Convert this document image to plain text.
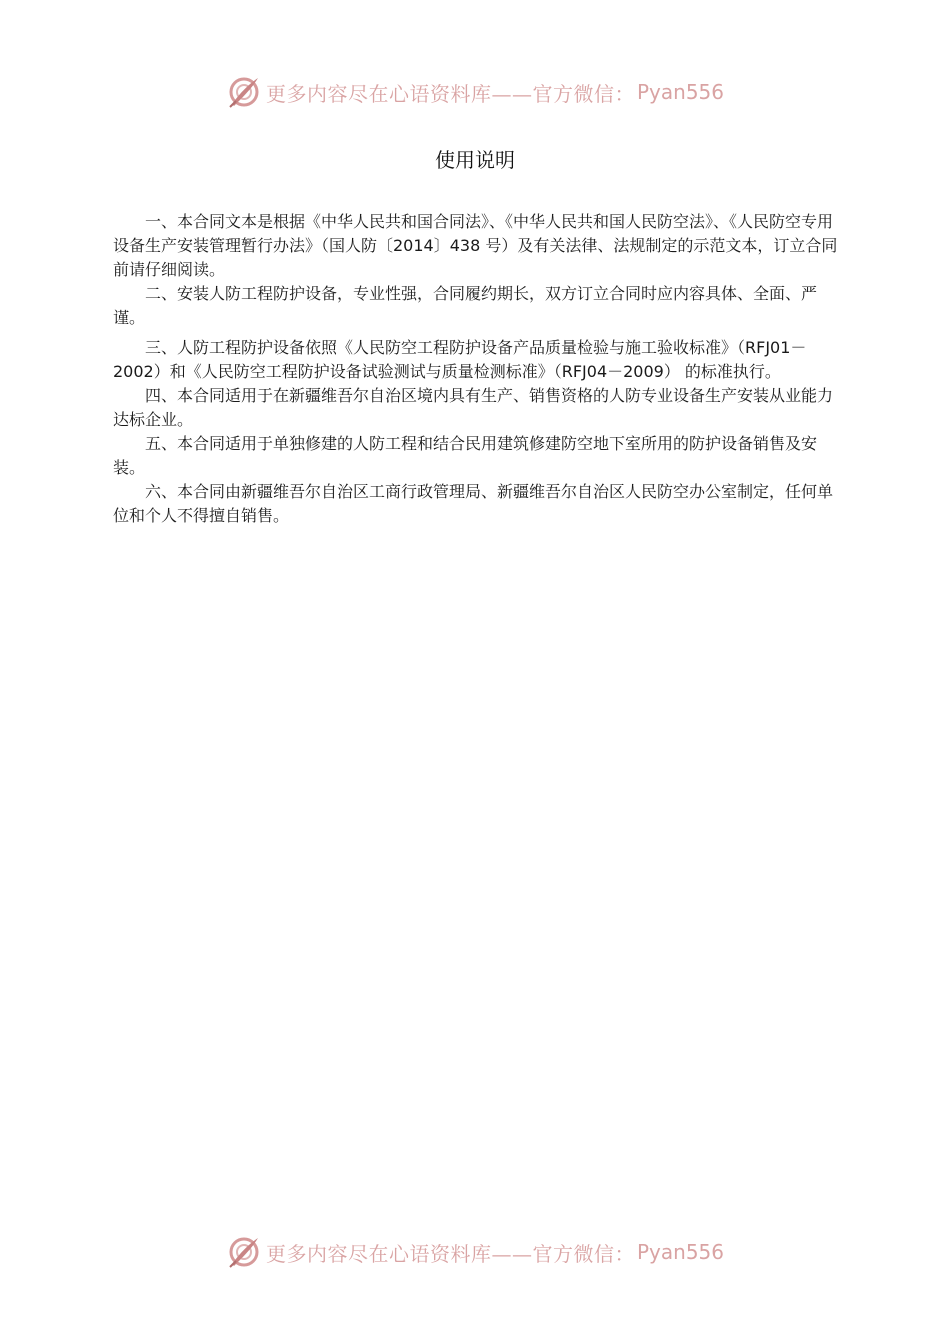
更多内容尽在心语资料库——官方微信： Pyan556
使用说明

一、本合同文本是根据《中华人民共和国合同法》、《中华人民共和国人民防空法》、《人民防空专用设备生产安装管理暂行办法》（国人防〔2014〕438 号）及有关法律、法规制定的示范文本，订立合同前请仔细阅读。

二、安装人防工程防护设备，专业性强，合同履约期长，双方订立合同时应内容具体、全面、严谨。

三、人防工程防护设备依照《人民防空工程防护设备产品质量检验与施工验收标准》（RFJ01－2002）和《人民防空工程防护设备试验测试与质量检测标准》（RFJ04－2009） 的标准执行。

四、本合同适用于在新疆维吾尔自治区境内具有生产、销售资格的人防专业设备生产安装从业能力达标企业。

五、本合同适用于单独修建的人防工程和结合民用建筑修建防空地下室所用的防护设备销售及安装。

六、本合同由新疆维吾尔自治区工商行政管理局、新疆维吾尔自治区人民防空办公室制定，任何单位和个人不得擅自销售。

更多内容尽在心语资料库——官方微信： Pyan556
